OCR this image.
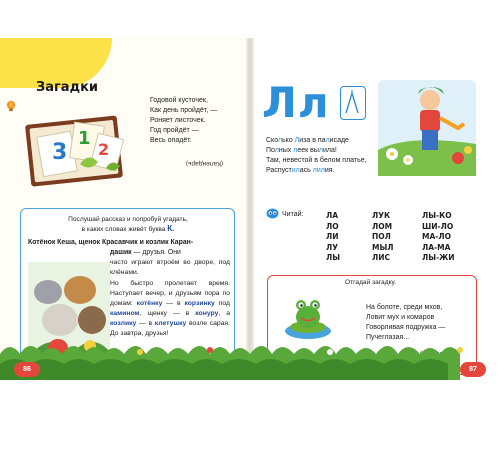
Загадки
!
3
1
2
Годовой кусточек,
Как день пройдёт, —
Роняет листочек.
Год пройдёт —
Весь опадёт.
(Календарь)
Послушай рассказ и попробуй угадать,
в каких словах живёт буква К.
Котёнок Кеша, щенок Красавчик и козлик Каран-
дашик — друзья. Они

часто играют втроём во дворе, под клёнами.

Но быстро пролетает время. Наступает вечер, и друзьям пора по домам: котёнку — в корзинку под камином, щенку — в конуру, а козлику — в клетушку возле сарая. До завтра, друзья!

Лл
Сколько Лиза в палисаде
Полных леек вылила!
Там, невестой в белом платье,
Распустилась лилия.
Читай:	ЛА
ЛО
ЛИ
ЛУ
ЛЫ
ЛУК
ЛОМ
ПОЛ
МЫЛ
ЛИС
ЛЫ-КО
ШИ-ЛО
МА-ЛО
ЛА-МА
ЛЫ-ЖИ
Отгадай загадку.
На болоте, среди мхов,
Ловит мух и комаров
Говорливая подружка —
Пучеглазая...
86	87
